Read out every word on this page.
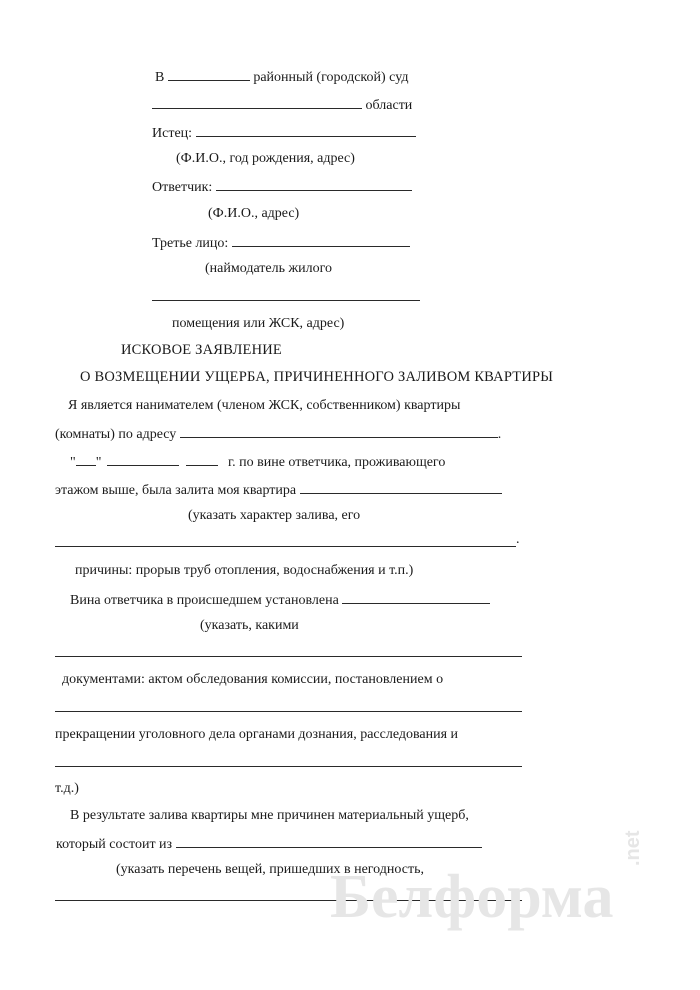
В	районный (городской) суд
области
Истец:
(Ф.И.О., год рождения, адрес)
Ответчик:
(Ф.И.О., адрес)
Третье лицо:
(наймодатель жилого
помещения или ЖСК, адрес)
ИСКОВОЕ ЗАЯВЛЕНИЕ
О ВОЗМЕЩЕНИИ УЩЕРБА, ПРИЧИНЕННОГО ЗАЛИВОМ КВАРТИРЫ
Я является нанимателем (членом ЖСК, собственником) квартиры
(комнаты) по адресу	.
" "	г. по вине ответчика, проживающего
этажом выше, была залита моя квартира
(указать характер залива, его
.
причины: прорыв труб отопления, водоснабжения и т.п.)
Вина ответчика в происшедшем установлена
(указать, какими
документами: актом обследования комиссии, постановлением о
прекращении уголовного дела органами дознания, расследования и
т.д.)
В результате залива квартиры мне причинен материальный ущерб,
который состоит из
(указать перечень вещей, пришедших в негодность,
Белформа
.net
